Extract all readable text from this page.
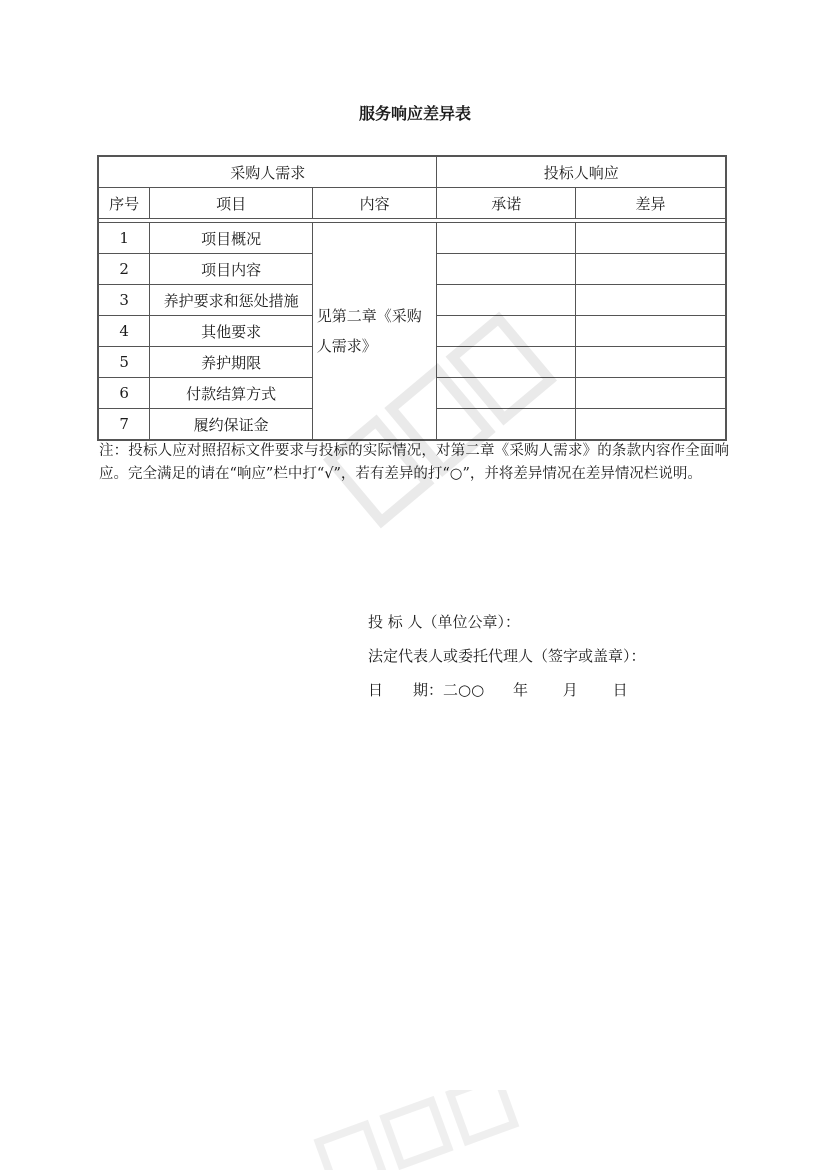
服务响应差异表
采购人需求			投标人响应	
序号	项目	内容	承诺	差异

1	项目概况	见第二章《采购人需求》		
2	项目内容			
3	养护要求和惩处措施			
4	其他要求			
5	养护期限			
6	付款结算方式			
7	履约保证金			
注：投标人应对照招标文件要求与投标的实际情况，对第二章《采购人需求》的条款内容作全面响应。完全满足的请在“响应”栏中打“√”，若有差异的打“○”，并将差异情况在差异情况栏说明。
投 标 人（单位公章）：
法定代表人或委托代理人（签字或盖章）：
日　　期：二○○ 年 月 日
